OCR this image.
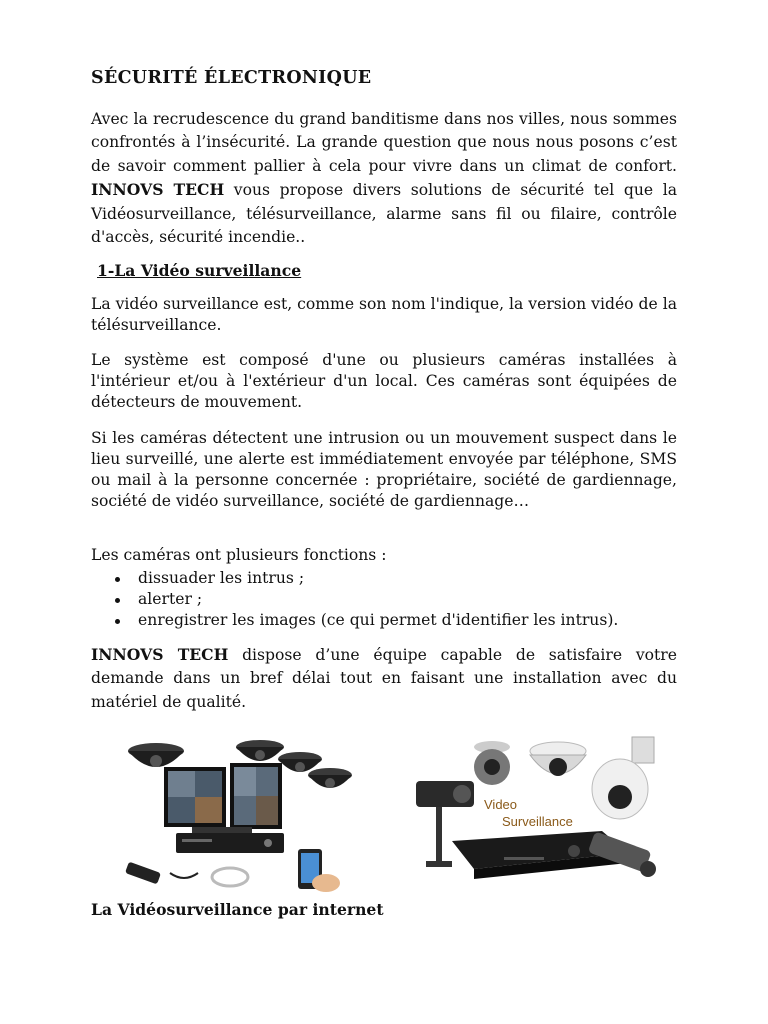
SÉCURITÉ ÉLECTRONIQUE

Avec la recrudescence du grand banditisme dans nos villes, nous sommes confrontés à l’insécurité. La grande question que nous nous posons c’est de savoir comment pallier à cela pour vivre dans un climat de confort. INNOVS TECH vous propose divers solutions de sécurité tel que la Vidéosurveillance, télésurveillance, alarme sans fil ou filaire, contrôle d'accès, sécurité incendie..

1-La Vidéo surveillance

La vidéo surveillance est, comme son nom l'indique, la version vidéo de la télésurveillance.

Le système est composé d'une ou plusieurs caméras installées à l'intérieur et/ou à l'extérieur d'un local. Ces caméras sont équipées de détecteurs de mouvement.

Si les caméras détectent une intrusion ou un mouvement suspect dans le lieu surveillé, une alerte est immédiatement envoyée par téléphone, SMS ou mail à la personne concernée : propriétaire, société de gardiennage, société de vidéo surveillance, société de gardiennage…

Les caméras ont plusieurs fonctions :

dissuader les intrus ;
alerter ;
enregistrer les images (ce qui permet d'identifier les intrus).

INNOVS TECH dispose d’une équipe capable de satisfaire votre demande dans un bref délai tout en faisant une installation avec du matériel de qualité.

La Vidéosurveillance par internet

Video
Surveillance
